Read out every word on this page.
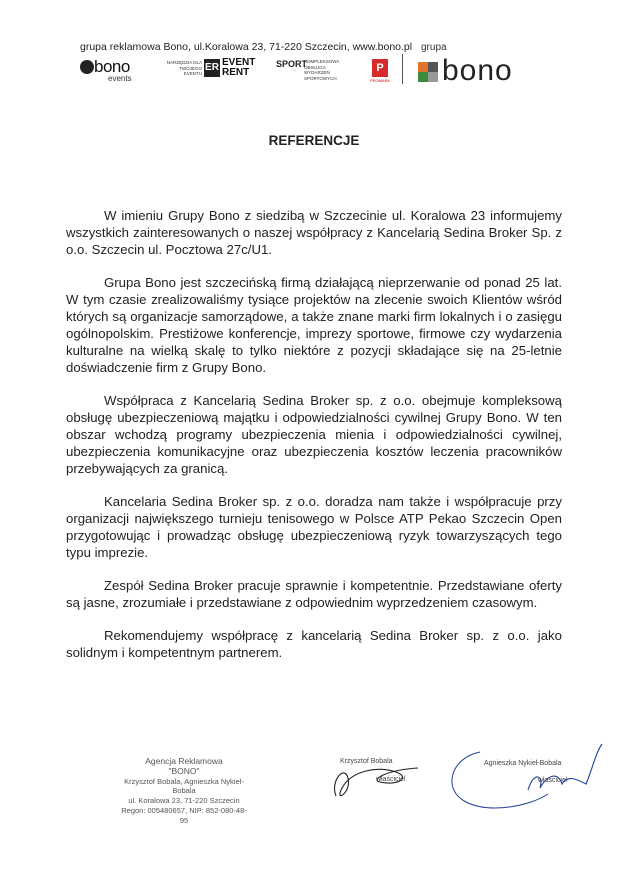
grupa reklamowa Bono, ul.Koralowa 23, 71-220 Szczecin, www.bono.pl
bono
events
NARZĘDZIA DLA TWOJEGO EVENTU
ER EVENT
RENT
SPORT
KOMPLEKSOWA OBSŁUGA WYDARZEŃ SPORTOWYCH
P
PROMARK
grupa
bono
REFERENCJE

W imieniu Grupy Bono z siedzibą w Szczecinie ul. Koralowa 23 informujemy wszystkich zainteresowanych o naszej współpracy z Kancelarią Sedina Broker Sp. z o.o. Szczecin ul. Pocztowa 27c/U1.

Grupa Bono jest szczecińską firmą działającą nieprzerwanie od ponad 25 lat. W tym czasie zrealizowaliśmy tysiące projektów na zlecenie swoich Klientów wśród których są organizacje samorządowe, a także znane marki firm lokalnych i o zasięgu ogólnopolskim. Prestiżowe konferencje, imprezy sportowe, firmowe czy wydarzenia kulturalne na wielką skalę to tylko niektóre z pozycji składające się na 25-letnie doświadczenie firm z Grupy Bono.

Współpraca z Kancelarią Sedina Broker sp. z o.o. obejmuje kompleksową obsługę ubezpieczeniową majątku i odpowiedzialności cywilnej Grupy Bono. W ten obszar wchodzą programy ubezpieczenia mienia i odpowiedzialności cywilnej, ubezpieczenia komunikacyjne oraz ubezpieczenia kosztów leczenia pracowników przebywających za granicą.

Kancelaria Sedina Broker sp. z o.o. doradza nam także i współpracuje przy organizacji największego turnieju tenisowego w Polsce ATP Pekao Szczecin Open przygotowując i prowadząc obsługę ubezpieczeniową ryzyk towarzyszących tego typu imprezie.

Zespół Sedina Broker pracuje sprawnie i kompetentnie. Przedstawiane oferty są jasne, zrozumiałe i przedstawiane z odpowiednim wyprzedzeniem czasowym.

Rekomendujemy współpracę z kancelarią Sedina Broker sp. z o.o. jako solidnym i kompetentnym partnerem.

Agencja Reklamowa
"BONO"
Krzysztof Bobala, Agnieszka Nykiel-Bobala
ul. Koralowa 23, 71-220 Szczecin
Regon: 005480657, NIP: 852-080-48-95
Krzysztof Bobala
właściciel
Agnieszka Nykiel-Bobala
właściciel
